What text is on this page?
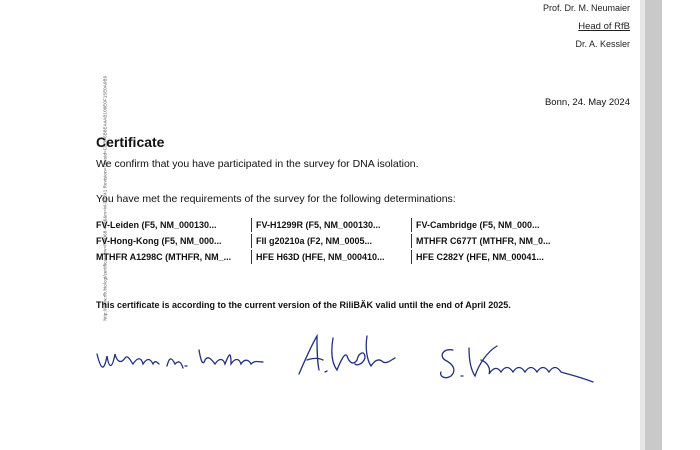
Prof. Dr. M. Neumaier
Head of RfB
Dr. A. Kessler
Bonn, 24. May 2024
http://www.rfb.bio/cgi/certificate?rv=RI0068-4786&rv=M-D3241 Revision=1&uuid=CEBF6B8EA4AB100E0F15E0A0B9
Certificate
We confirm that you have participated in the survey for DNA isolation.
You have met the requirements of the survey for the following determinations:
FV-Leiden (F5, NM_000130...	FV-H1299R (F5, NM_000130...	FV-Cambridge (F5, NM_000...
FV-Hong-Kong (F5, NM_000...	FII g20210a (F2, NM_0005...	MTHFR C677T (MTHFR, NM_0...
MTHFR A1298C (MTHFR, NM_...	HFE H63D (HFE, NM_000410...	HFE C282Y (HFE, NM_00041...
This certificate is according to the current version of the RiliBÄK valid until the end of April 2025.
